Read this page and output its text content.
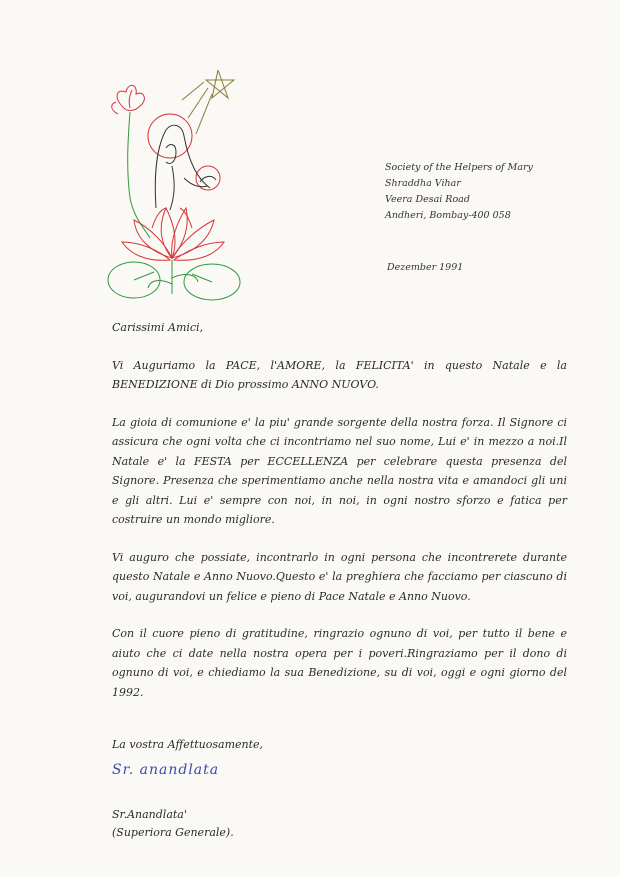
Society of the Helpers of Mary
Shraddha Vihar
Veera Desai Road
Andheri, Bombay-400 058
Dezember 1991

Carissimi Amici,

Vi Auguriamo la PACE, l'AMORE, la FELICITA' in questo Natale e la BENEDIZIONE di Dio prossimo ANNO NUOVO.

La gioia di comunione e' la piu' grande sorgente della nostra forza. Il Signore ci assicura che ogni volta che ci incontriamo nel suo nome, Lui e' in mezzo a noi.Il Natale e' la FESTA per ECCELLENZA per celebrare questa presenza del Signore. Presenza che sperimentiamo anche nella nostra vita e amandoci gli uni e gli altri. Lui e' sempre con noi, in noi, in ogni nostro sforzo e fatica per costruire un mondo migliore.

Vi auguro che possiate, incontrarlo in ogni persona che incontrerete durante questo Natale e Anno Nuovo.Questo e' la preghiera che facciamo per ciascuno di voi, augurandovi un felice e pieno di Pace Natale e Anno Nuovo.

Con il cuore pieno di gratitudine, ringrazio ognuno di voi, per tutto il bene e aiuto che ci date nella nostra opera per i poveri.Ringraziamo per il dono di ognuno di voi, e chiediamo la sua Benedizione, su di voi, oggi e ogni giorno del 1992.

La vostra Affettuosamente,
Sr. anandlata
Sr.Anandlata'
(Superiora Generale).
